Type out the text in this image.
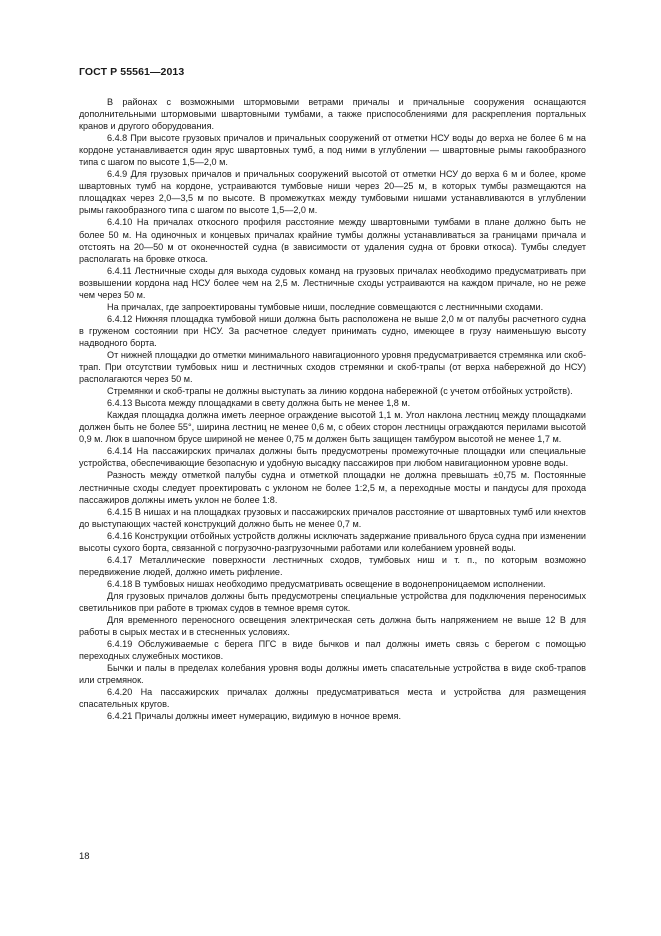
ГОСТ Р 55561—2013

В районах с возможными штормовыми ветрами причалы и причальные сооружения оснащаются дополнительными штормовыми швартовными тумбами, а также приспособлениями для раскрепления портальных кранов и другого оборудования.

6.4.8 При высоте грузовых причалов и причальных сооружений от отметки НСУ воды до верха не более 6 м на кордоне устанавливается один ярус швартовных тумб, а под ними в углублении — швартовные рымы гакообразного типа с шагом по высоте 1,5—2,0 м.

6.4.9 Для грузовых причалов и причальных сооружений высотой от отметки НСУ до верха 6 м и более, кроме швартовных тумб на кордоне, устраиваются тумбовые ниши через 20—25 м, в которых тумбы размещаются на площадках через 2,0—3,5 м по высоте. В промежутках между тумбовыми нишами устанавливаются в углублении рымы гакообразного типа с шагом по высоте 1,5—2,0 м.

6.4.10 На причалах откосного профиля расстояние между швартовными тумбами в плане должно быть не более 50 м. На одиночных и концевых причалах крайние тумбы должны устанавливаться за границами причала и отстоять на 20—50 м от оконечностей судна (в зависимости от удаления судна от бровки откоса). Тумбы следует располагать на бровке откоса.

6.4.11 Лестничные сходы для выхода судовых команд на грузовых причалах необходимо предусматривать при возвышении кордона над НСУ более чем на 2,5 м. Лестничные сходы устраиваются на каждом причале, но не реже чем через 50 м.

На причалах, где запроектированы тумбовые ниши, последние совмещаются с лестничными сходами.

6.4.12 Нижняя площадка тумбовой ниши должна быть расположена не выше 2,0 м от палубы расчетного судна в груженом состоянии при НСУ. За расчетное следует принимать судно, имеющее в грузу наименьшую высоту надводного борта.

От нижней площадки до отметки минимального навигационного уровня предусматривается стремянка или скоб-трап. При отсутствии тумбовых ниш и лестничных сходов стремянки и скоб-трапы (от верха набережной до НСУ) располагаются через 50 м.

Стремянки и скоб-трапы не должны выступать за линию кордона набережной (с учетом отбойных устройств).

6.4.13 Высота между площадками в свету должна быть не менее 1,8 м.

Каждая площадка должна иметь леерное ограждение высотой 1,1 м. Угол наклона лестниц между площадками должен быть не более 55°, ширина лестниц не менее 0,6 м, с обеих сторон лестницы ограждаются перилами высотой 0,9 м. Люк в шапочном брусе шириной не менее 0,75 м должен быть защищен тамбуром высотой не менее 1,7 м.

6.4.14 На пассажирских причалах должны быть предусмотрены промежуточные площадки или специальные устройства, обеспечивающие безопасную и удобную высадку пассажиров при любом навигационном уровне воды.

Разность между отметкой палубы судна и отметкой площадки не должна превышать ±0,75 м. Постоянные лестничные сходы следует проектировать с уклоном не более 1:2,5 м, а переходные мосты и пандусы для прохода пассажиров должны иметь уклон не более 1:8.

6.4.15 В нишах и на площадках грузовых и пассажирских причалов расстояние от швартовных тумб или кнехтов до выступающих частей конструкций должно быть не менее 0,7 м.

6.4.16 Конструкции отбойных устройств должны исключать задержание привального бруса судна при изменении высоты сухого борта, связанной с погрузочно-разгрузочными работами или колебанием уровней воды.

6.4.17 Металлические поверхности лестничных сходов, тумбовых ниш и т. п., по которым возможно передвижение людей, должно иметь рифление.

6.4.18 В тумбовых нишах необходимо предусматривать освещение в водонепроницаемом исполнении.

Для грузовых причалов должны быть предусмотрены специальные устройства для подключения переносимых светильников при работе в трюмах судов в темное время суток.

Для временного переносного освещения электрическая сеть должна быть напряжением не выше 12 В для работы в сырых местах и в стесненных условиях.

6.4.19 Обслуживаемые с берега ПГС в виде бычков и пал должны иметь связь с берегом с помощью переходных служебных мостиков.

Бычки и палы в пределах колебания уровня воды должны иметь спасательные устройства в виде скоб-трапов или стремянок.

6.4.20 На пассажирских причалах должны предусматриваться места и устройства для размещения спасательных кругов.

6.4.21 Причалы должны имеет нумерацию, видимую в ночное время.

18
